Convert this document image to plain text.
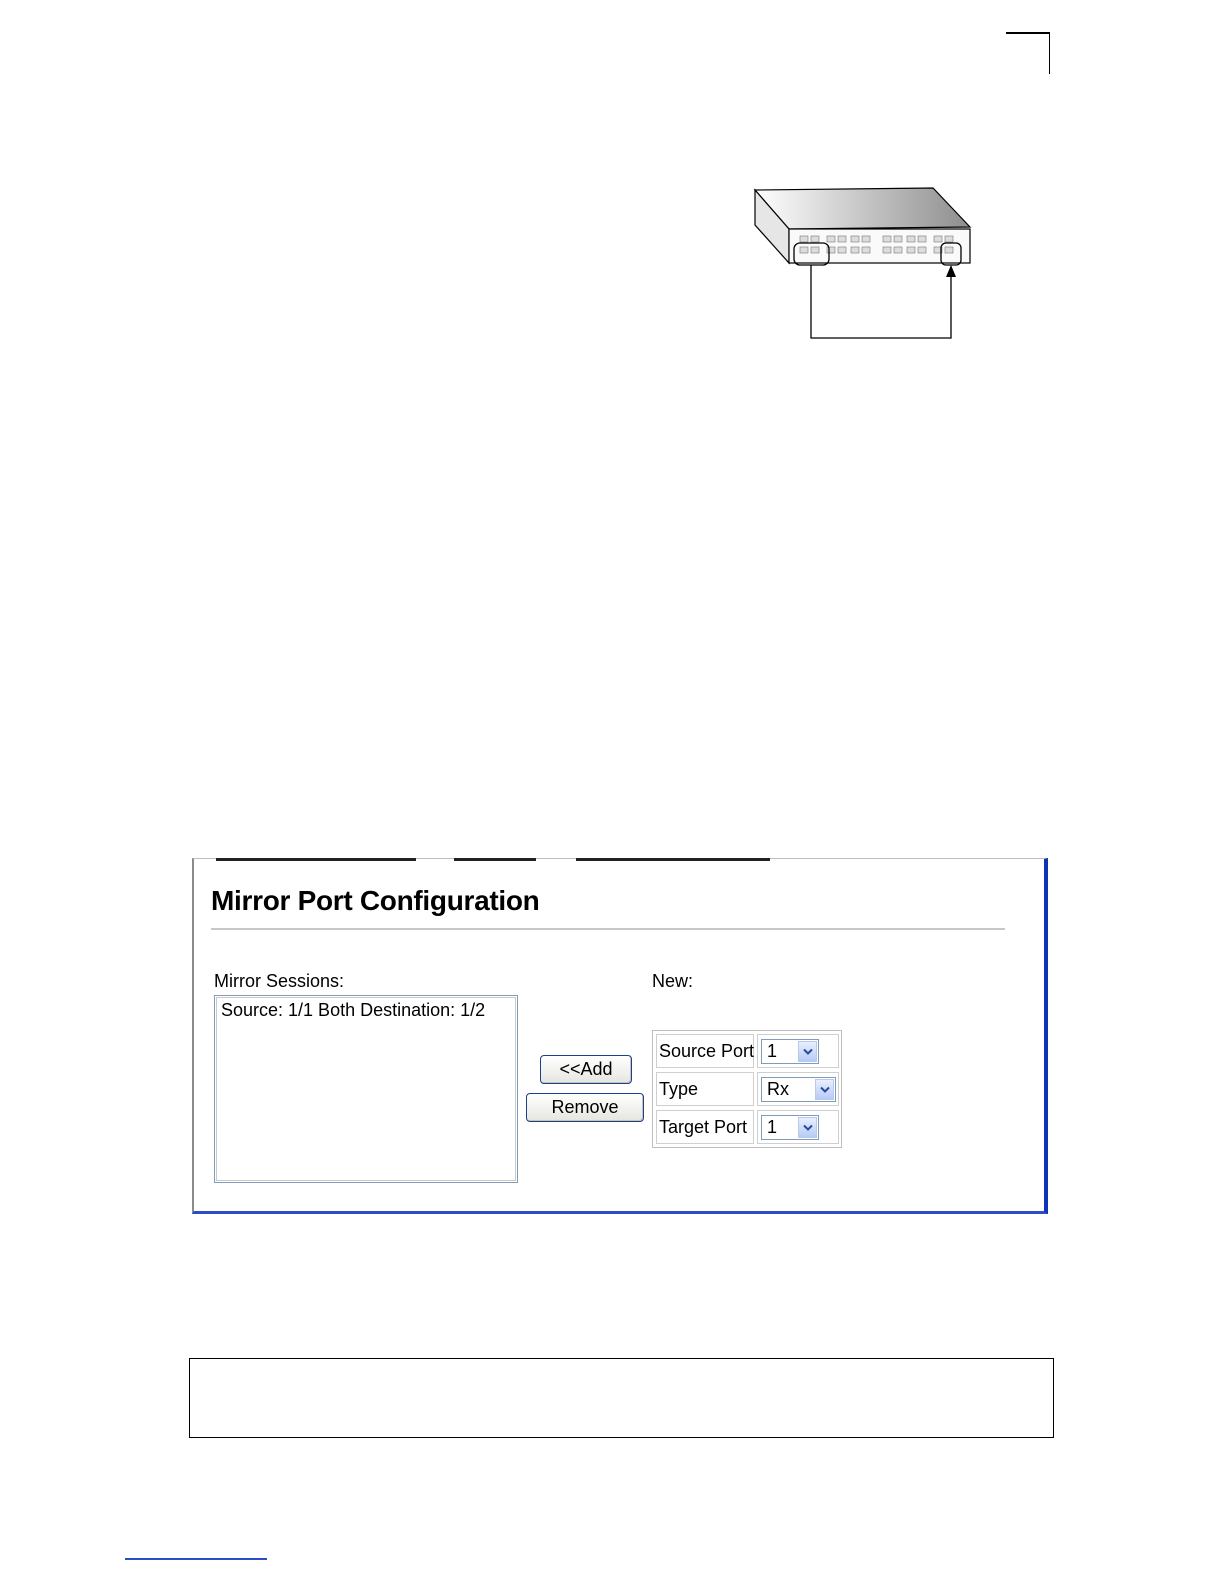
Mirror Port Configuration
Mirror Sessions:
Source: 1/1 Both Destination: 1/2
<<Add
Remove
New:
Source Port 1
Type	Rx
Target Port	1
